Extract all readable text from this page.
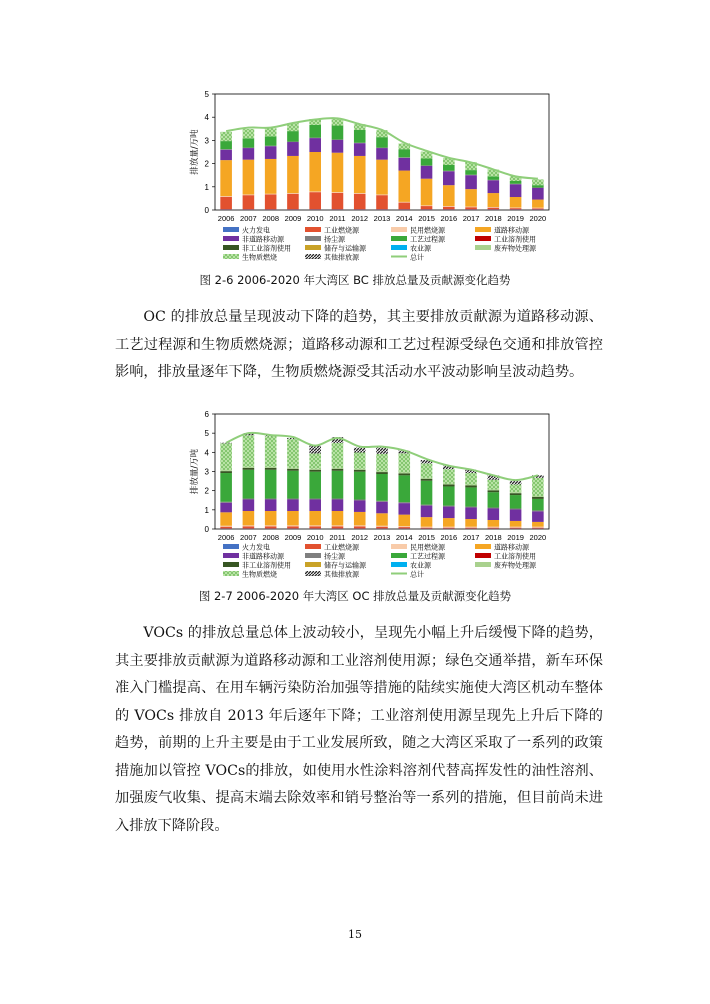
0
1
2
3
4
5
排放量/万吨
2006 2007 2008 2009 2010 2011 2012 2013 2014 2015 2016 2017 2018 2019 2020
火力发电	工业燃烧源	民用燃烧源	道路移动源
非道路移动源	扬尘源	工艺过程源	工业溶剂使用
非工业溶剂使用	储存与运输源	农业源	废弃物处理源
生物质燃烧	其他排放源	总计
图 2-6 2006-2020 年大湾区 BC 排放总量及贡献源变化趋势
OC 的排放总量呈现波动下降的趋势，其主要排放贡献源为道路移动源、工艺过程源和生物质燃烧源；道路移动源和工艺过程源受绿色交通和排放管控影响，排放量逐年下降，生物质燃烧源受其活动水平波动影响呈波动趋势。
0
1
2
3
4
5
6
排放量/万吨
2006 2007 2008 2009 2010 2011 2012 2013 2014 2015 2016 2017 2018 2019 2020
火力发电	工业燃烧源	民用燃烧源	道路移动源
非道路移动源	扬尘源	工艺过程源	工业溶剂使用
非工业溶剂使用	储存与运输源	农业源	废弃物处理源
生物质燃烧	其他排放源	总计
图 2-7 2006-2020 年大湾区 OC 排放总量及贡献源变化趋势
VOCs 的排放总量总体上波动较小，呈现先小幅上升后缓慢下降的趋势，其主要排放贡献源为道路移动源和工业溶剂使用源；绿色交通举措，新车环保准入门槛提高、在用车辆污染防治加强等措施的陆续实施使大湾区机动车整体的 VOCs 排放自 2013 年后逐年下降；工业溶剂使用源呈现先上升后下降的趋势，前期的上升主要是由于工业发展所致，随之大湾区采取了一系列的政策措施加以管控 VOCs的排放，如使用水性涂料溶剂代替高挥发性的油性溶剂、加强废气收集、提高末端去除效率和销号整治等一系列的措施，但目前尚未进入排放下降阶段。
15
